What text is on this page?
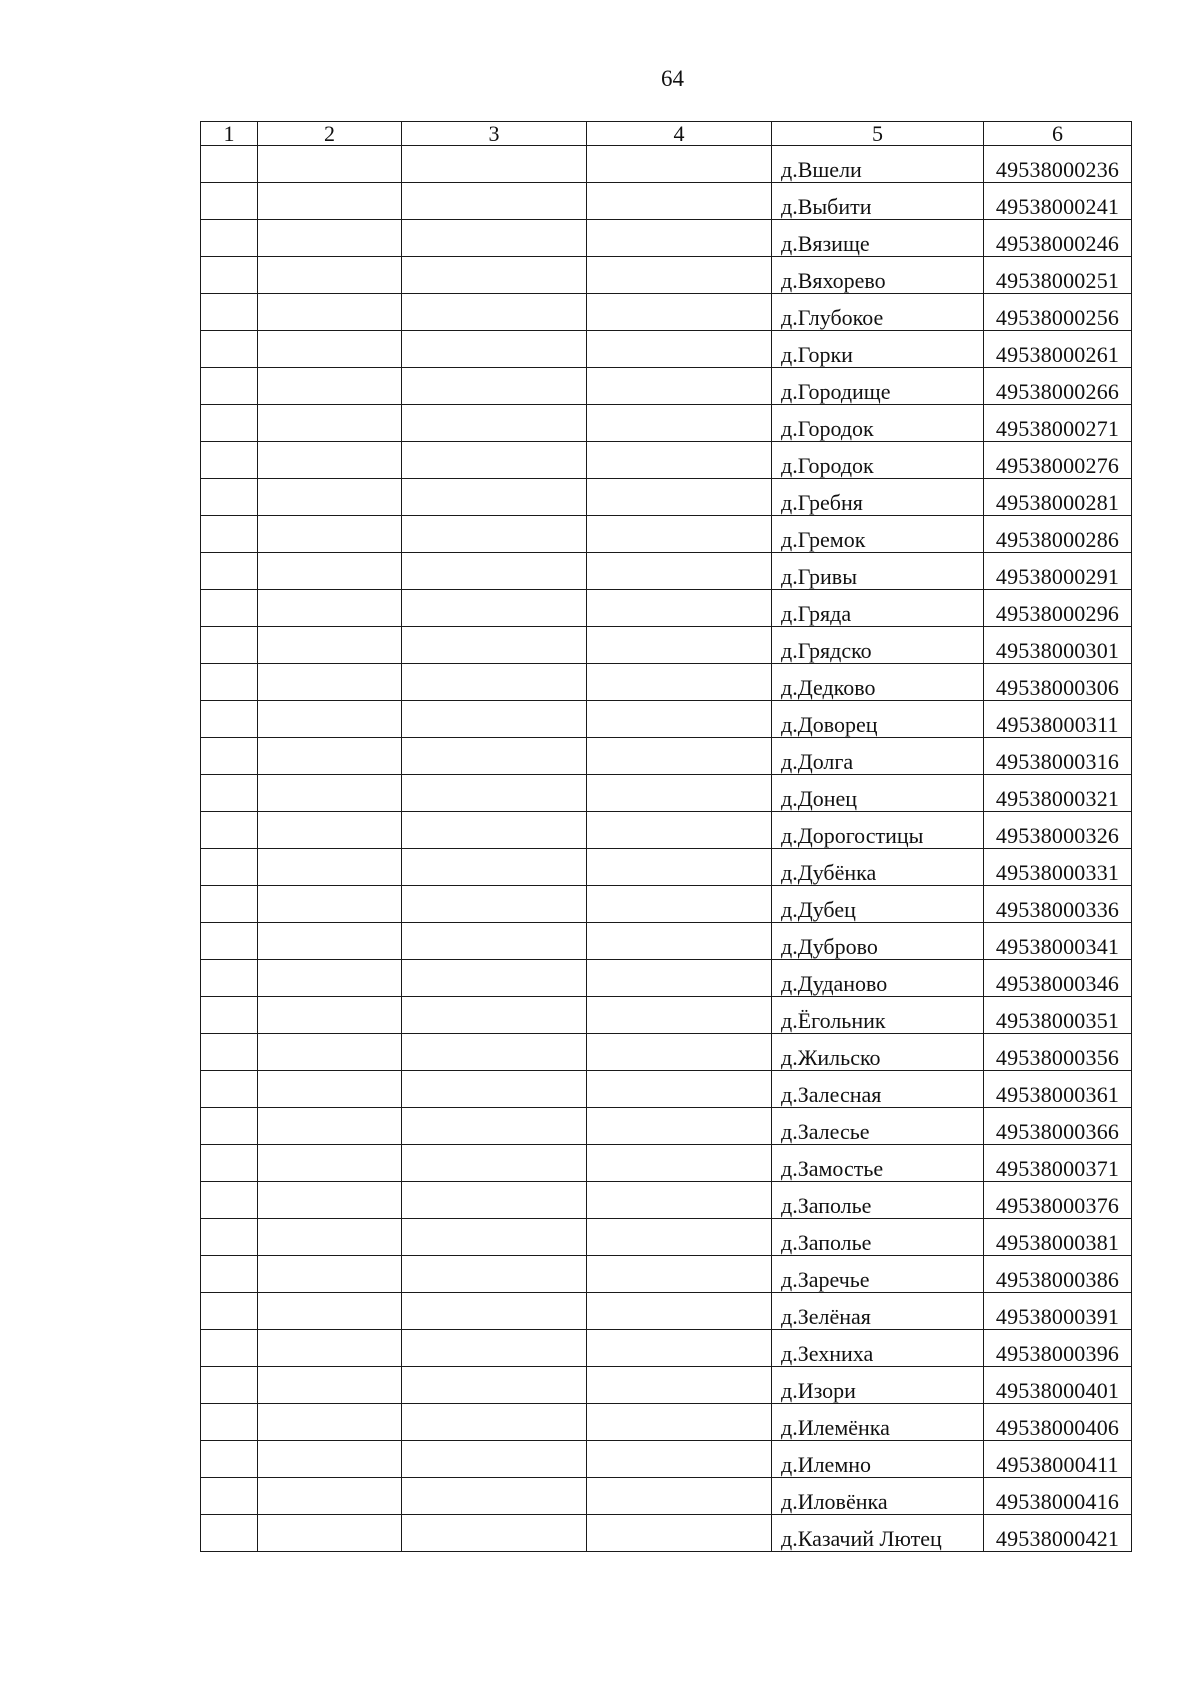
64
1	2	3	4	5	6
				д.Вшели	49538000236
				д.Выбити	49538000241
				д.Вязище	49538000246
				д.Вяхорево	49538000251
				д.Глубокое	49538000256
				д.Горки	49538000261
				д.Городище	49538000266
				д.Городок	49538000271
				д.Городок	49538000276
				д.Гребня	49538000281
				д.Гремок	49538000286
				д.Гривы	49538000291
				д.Гряда	49538000296
				д.Грядско	49538000301
				д.Дедково	49538000306
				д.Доворец	49538000311
				д.Долга	49538000316
				д.Донец	49538000321
				д.Дорогостицы	49538000326
				д.Дубёнка	49538000331
				д.Дубец	49538000336
				д.Дуброво	49538000341
				д.Дуданово	49538000346
				д.Ёгольник	49538000351
				д.Жильско	49538000356
				д.Залесная	49538000361
				д.Залесье	49538000366
				д.Замостье	49538000371
				д.Заполье	49538000376
				д.Заполье	49538000381
				д.Заречье	49538000386
				д.Зелёная	49538000391
				д.Зехниха	49538000396
				д.Изори	49538000401
				д.Илемёнка	49538000406
				д.Илемно	49538000411
				д.Иловёнка	49538000416
				д.Казачий Лютец	49538000421
